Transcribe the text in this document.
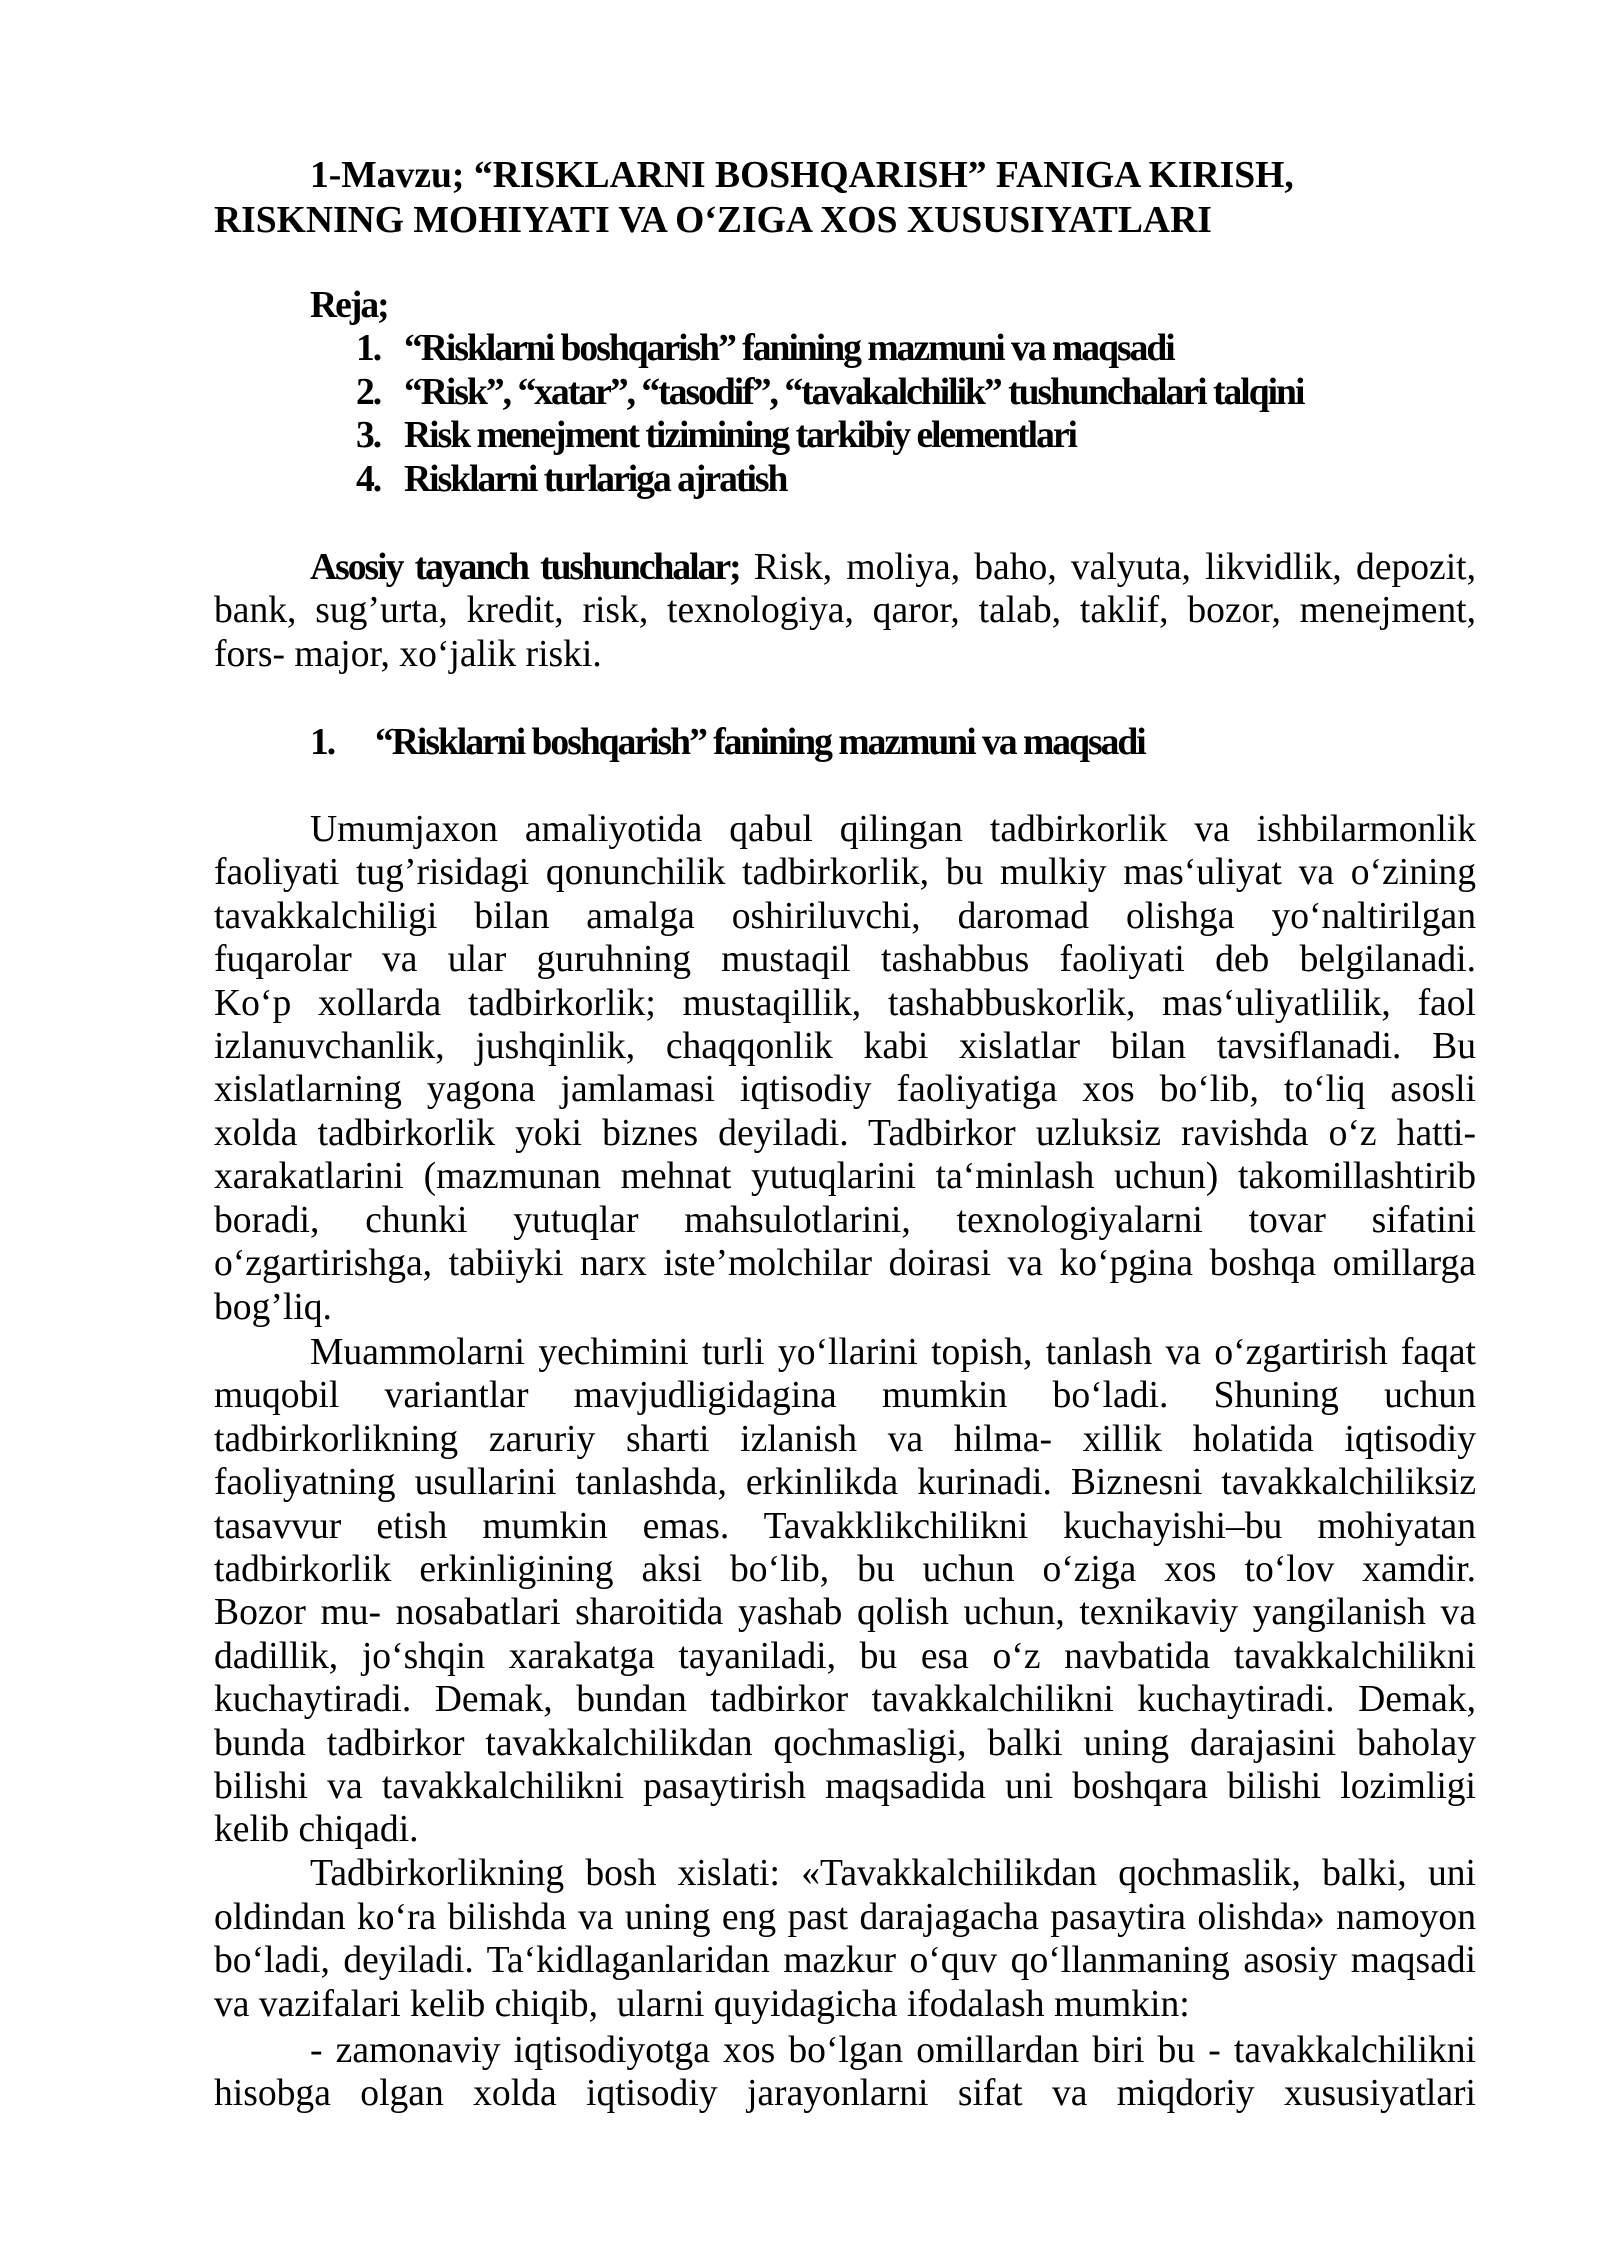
1-Mavzu; “RISKLARNI BOSHQARISH” FANIGA KIRISH,
RISKNING MOHIYATI VA O‘ZIGA XOS XUSUSIYATLARI
Reja;
1. “Risklarni boshqarish” fanining mazmuni va maqsadi
2. “Risk”, “xatar”, “tasodif”, “tavakalchilik” tushunchalari talqini
3. Risk menejment tizimining tarkibiy elementlari
4. Risklarni turlariga ajratish
Asosiy tayanch tushunchalar; Risk, moliya, baho, valyuta, likvidlik, depozit,
bank, sug’urta, kredit, risk, texnologiya, qaror, talab, taklif, bozor, menejment,
fors- major, xo‘jalik riski.
1. “Risklarni boshqarish” fanining mazmuni va maqsadi
Umumjaxon amaliyotida qabul qilingan tadbirkorlik va ishbilarmonlik
faoliyati tug’risidagi qonunchilik tadbirkorlik, bu mulkiy mas‘uliyat va o‘zining
tavakkalchiligi bilan amalga oshiriluvchi, daromad olishga yo‘naltirilgan
fuqarolar va ular guruhning mustaqil tashabbus faoliyati deb belgilanadi.
Ko‘p xollarda tadbirkorlik; mustaqillik, tashabbuskorlik, mas‘uliyatlilik, faol
izlanuvchanlik, jushqinlik, chaqqonlik kabi xislatlar bilan tavsiflanadi. Bu
xislatlarning yagona jamlamasi iqtisodiy faoliyatiga xos bo‘lib, to‘liq asosli
xolda tadbirkorlik yoki biznes deyiladi. Tadbirkor uzluksiz ravishda o‘z hatti-
xarakatlarini (mazmunan mehnat yutuqlarini ta‘minlash uchun) takomillashtirib
boradi, chunki yutuqlar mahsulotlarini, texnologiyalarni tovar sifatini
o‘zgartirishga, tabiiyki narx iste’molchilar doirasi va ko‘pgina boshqa omillarga
bog’liq.
Muammolarni yechimini turli yo‘llarini topish, tanlash va o‘zgartirish faqat
muqobil variantlar mavjudligidagina mumkin bo‘ladi. Shuning uchun
tadbirkorlikning zaruriy sharti izlanish va hilma- xillik holatida iqtisodiy
faoliyatning usullarini tanlashda, erkinlikda kurinadi. Biznesni tavakkalchiliksiz
tasavvur etish mumkin emas. Tavakklikchilikni kuchayishi–bu mohiyatan
tadbirkorlik erkinligining aksi bo‘lib, bu uchun o‘ziga xos to‘lov xamdir.
Bozor mu- nosabatlari sharoitida yashab qolish uchun, texnikaviy yangilanish va
dadillik, jo‘shqin xarakatga tayaniladi, bu esa o‘z navbatida tavakkalchilikni
kuchaytiradi. Demak, bundan tadbirkor tavakkalchilikni kuchaytiradi. Demak,
bunda tadbirkor tavakkalchilikdan qochmasligi, balki uning darajasini baholay
bilishi va tavakkalchilikni pasaytirish maqsadida uni boshqara bilishi lozimligi
kelib chiqadi.
Tadbirkorlikning bosh xislati: «Tavakkalchilikdan qochmaslik, balki, uni
oldindan ko‘ra bilishda va uning eng past darajagacha pasaytira olishda» namoyon
bo‘ladi, deyiladi. Ta‘kidlaganlaridan mazkur o‘quv qo‘llanmaning asosiy maqsadi
va vazifalari kelib chiqib,  ularni quyidagicha ifodalash mumkin:
- zamonaviy iqtisodiyotga xos bo‘lgan omillardan biri bu - tavakkalchilikni
hisobga olgan xolda iqtisodiy jarayonlarni sifat va miqdoriy xususiyatlari
